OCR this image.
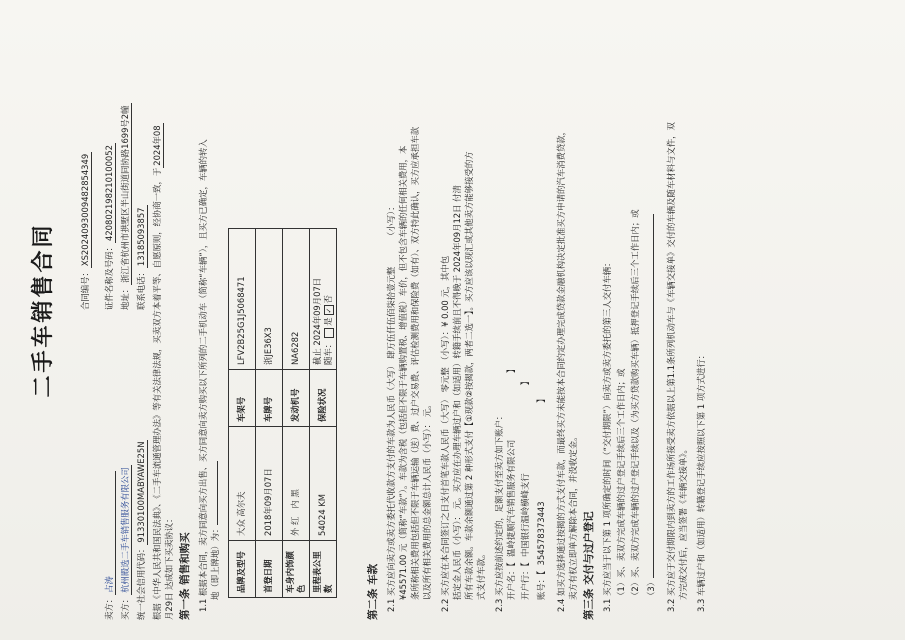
二手车销售合同	合同编号：XS202409300948285434​9
卖方：占涛
证件名称及号码：420802198210100052
买方：杭州殿选二手车销售服务有限公司
地址：浙江省杭州市拱墅区半山街道同协路1699号2幢
统一社会信用代码：91330100MABYAWE25N
联系电话：13185093857 根据《中华人民共和国民法典》、《二手车流通管理办法》等有关法律法规，买卖双方本着平等、自愿原则，经协商一致，于2024年08
月29日 达成如下买卖协议： 第一条 销售和购买 1.1 根据本合同，卖方同意向买方出售、买方同意向卖方购买以下所列的二手机动车（简称“车辆”），且买方已确定，车辆的转入 地（即上牌地）为： 品牌及型号	大众 高尔夫	车架号	LFV2B25G1J5068471
首登日期	2018年09月07日	车牌号	浙JE36X3
车身内饰颜色	外 红   内 黑	发动机号	NA6282
里程表公里数	54024 KM	保险状况	截止 2024年09月07日 随车：是✓否
第二条 车款 2.1 买方应向卖方或卖方委托代收款方支付的车款为人民币（大写） 肆万伍仟伍佰柒拾壹元整          （小写）： ¥45571.00 元（简称“车款”）。车款为含税（包括但不限于车辆购置税、增值税）车价，但不包含车辆的任何相关费用，本 条所称相关费用包括但不限于车辆运输（送）费、过户交易费、评估检测费用和保险费（如有）、双方特此确认，买方应承担车款 以及所有相关费用的总金额总计人民币（小写）： 元。 2.2 买方应在本合同签订之日支付首笔车款人民币（大写） 零元整 （小写）：¥ 0.00 元，其中包 括定金人民币（小写）： 元。买方应在办理车辆过户和（如适用）转籍手续前且不得晚于 2024年09月12日 付清 所有车款余额。车款余额通过第 2 种形式支付【①现款②按揭款，两者二选一】。买方应该以现汇或其他卖方能够接受的方 式支付车款。 2.3 买方应按前述约定的，足额支付至卖方如下账户： 开户名：【  温岭捷顺汽车销售服务有限公司                         】
开户行：【  中国银行温岭横峰支行                                 】
账号：【  354578373443                                     】 2.4 如买方选择通过按揭的方式支付车款，而最终买方未能按本合同约定办理完成贷款金融机构决定批准买方申请的汽车消费贷款， 卖方有权立即单方解除本合同，并没收定金。 第三条 交付与过户登记 3.1 买方应当于以下第 1 项所确定的时间（“交付期限”）向卖方或卖方委托的第三人交付车辆： （1）买、卖双方完成车辆的过户登记手续后三个工作日内；或 （2）买、卖双方完成车辆的过户登记手续以及（为买方贷款购买车辆）抵押登记手续后三个工作日内；或 （3） 3.2 买方应于交付期限内到卖方的工作场所接受卖方依据以上第1.1条所列机动车与《车辆交接单》交付的车辆及随车材料与文件，双 方完成交付后，应当签署《车辆交接单》。 3.3 车辆过户和（如适用）转籍登记手续应按照以下第 1 项方式进行：
